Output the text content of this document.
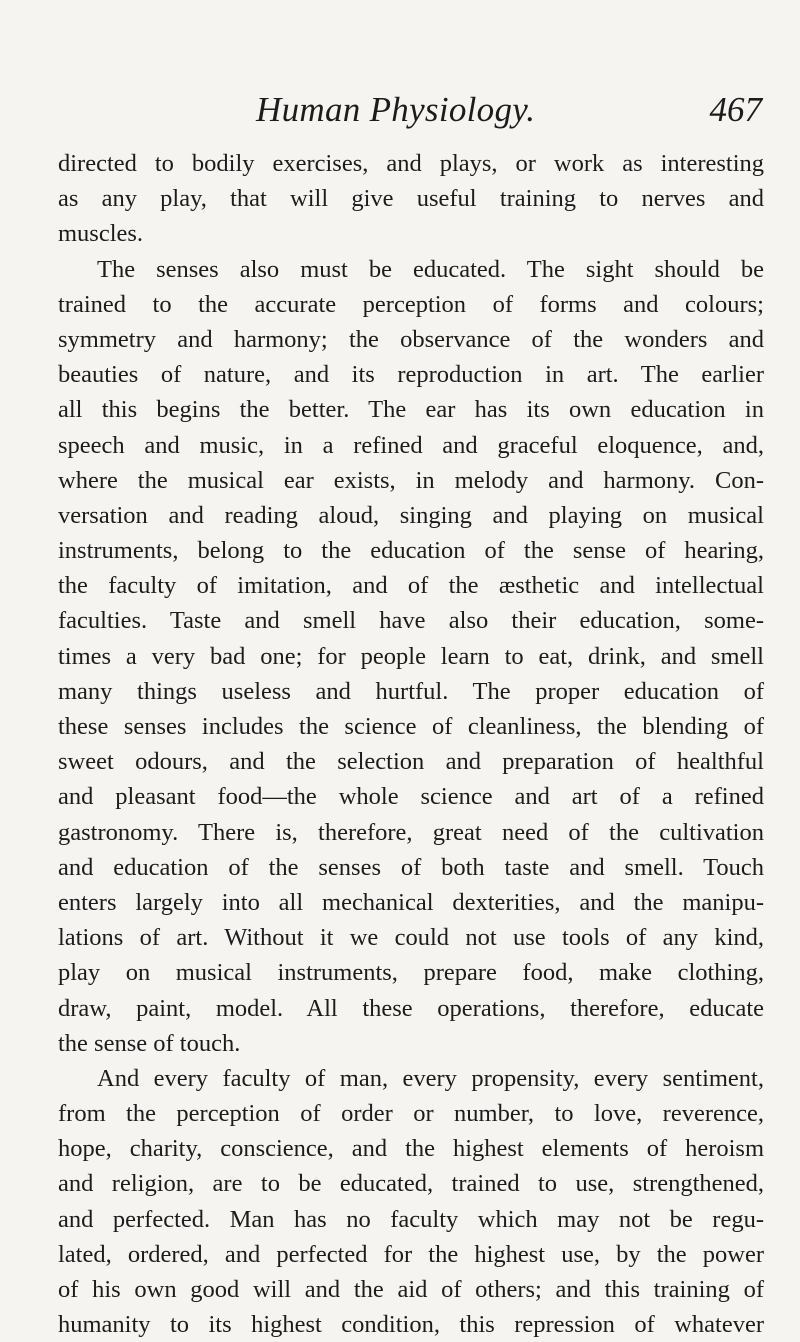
Human Physiology.	467
directed to bodily exercises, and plays, or work as interesting
as any play, that will give useful training to nerves and
muscles.
The senses also must be educated. The sight should be
trained to the accurate perception of forms and colours;
symmetry and harmony; the observance of the wonders and
beauties of nature, and its reproduction in art. The earlier
all this begins the better. The ear has its own education in
speech and music, in a refined and graceful eloquence, and,
where the musical ear exists, in melody and harmony. Con-
versation and reading aloud, singing and playing on musical
instruments, belong to the education of the sense of hearing,
the faculty of imitation, and of the æsthetic and intellectual
faculties. Taste and smell have also their education, some-
times a very bad one; for people learn to eat, drink, and smell
many things useless and hurtful. The proper education of
these senses includes the science of cleanliness, the blending of
sweet odours, and the selection and preparation of healthful
and pleasant food—the whole science and art of a refined
gastronomy. There is, therefore, great need of the cultivation
and education of the senses of both taste and smell. Touch
enters largely into all mechanical dexterities, and the manipu-
lations of art. Without it we could not use tools of any kind,
play on musical instruments, prepare food, make clothing,
draw, paint, model. All these operations, therefore, educate
the sense of touch.
And every faculty of man, every propensity, every sentiment,
from the perception of order or number, to love, reverence,
hope, charity, conscience, and the highest elements of heroism
and religion, are to be educated, trained to use, strengthened,
and perfected. Man has no faculty which may not be regu-
lated, ordered, and perfected for the highest use, by the power
of his own good will and the aid of others; and this training of
humanity to its highest condition, this repression of whatever
